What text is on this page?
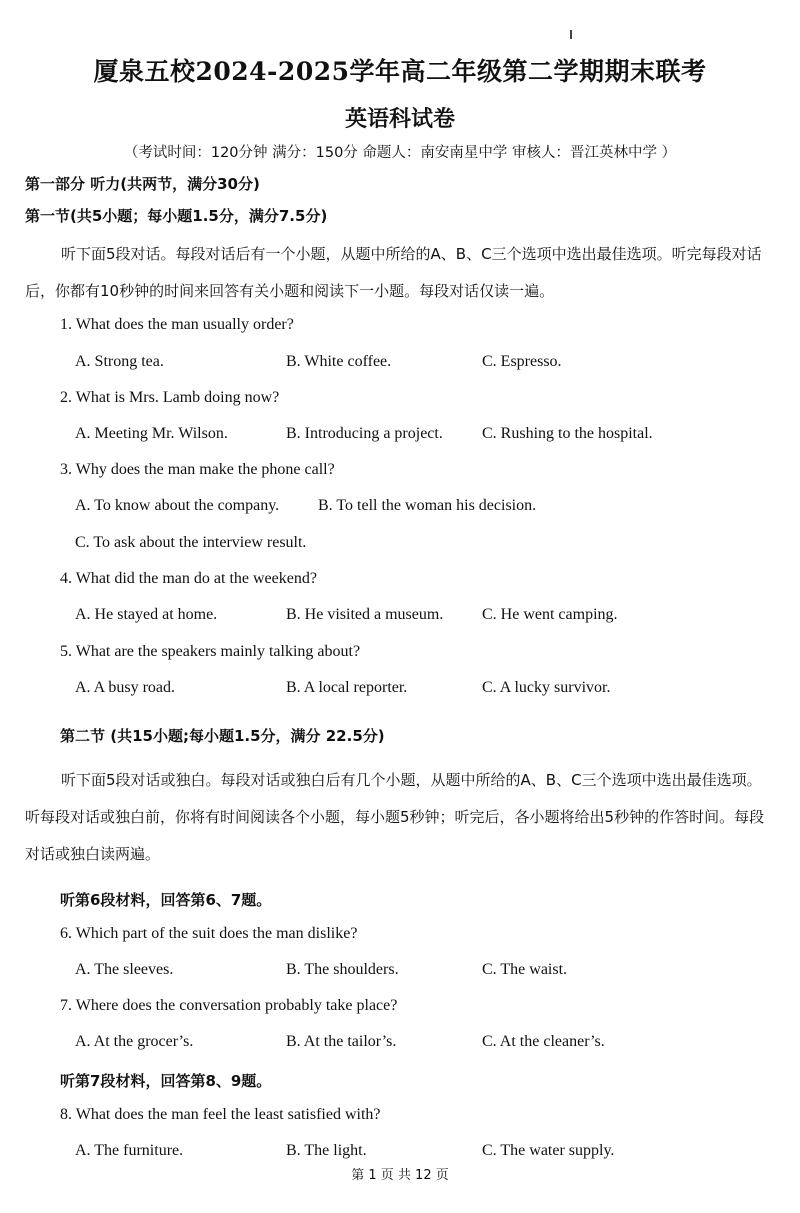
厦泉五校2024-2025学年高二年级第二学期期末联考
英语科试卷
（考试时间：120分钟 满分：150分 命题人：南安南星中学 审核人：晋江英林中学 ）
第一部分 听力(共两节，满分30分)
第一节(共5小题；每小题1.5分，满分7.5分)
听下面5段对话。每段对话后有一个小题，从题中所给的A、B、C三个选项中选出最佳选项。听完每段对话后，你都有10秒钟的时间来回答有关小题和阅读下一小题。每段对话仅读一遍。
1. What does the man usually order?
A. Strong tea.	B. White coffee.	C. Espresso.
2. What is Mrs. Lamb doing now?
A. Meeting Mr. Wilson.	B. Introducing a project. C. Rushing to the hospital.
3. Why does the man make the phone call?
A. To know about the company. B. To tell the woman his decision.
C. To ask about the interview result.
4. What did the man do at the weekend?
A. He stayed at home.	B. He visited a museum. C. He went camping.
5. What are the speakers mainly talking about?
A. A busy road.	B. A local reporter.	C. A lucky survivor.
第二节 (共15小题;每小题1.5分，满分 22.5分)
听下面5段对话或独白。每段对话或独白后有几个小题，从题中所给的A、B、C三个选项中选出最佳选项。听每段对话或独白前，你将有时间阅读各个小题，每小题5秒钟；听完后，各小题将给出5秒钟的作答时间。每段对话或独白读两遍。
听第6段材料，回答第6、7题。
6. Which part of the suit does the man dislike?
A. The sleeves.	B. The shoulders.	C. The waist.
7. Where does the conversation probably take place?
A. At the grocer’s.	B. At the tailor’s.	C. At the cleaner’s.
听第7段材料，回答第8、9题。
8. What does the man feel the least satisfied with?
A. The furniture.	B. The light.	C. The water supply.
第 1 页 共 12 页
